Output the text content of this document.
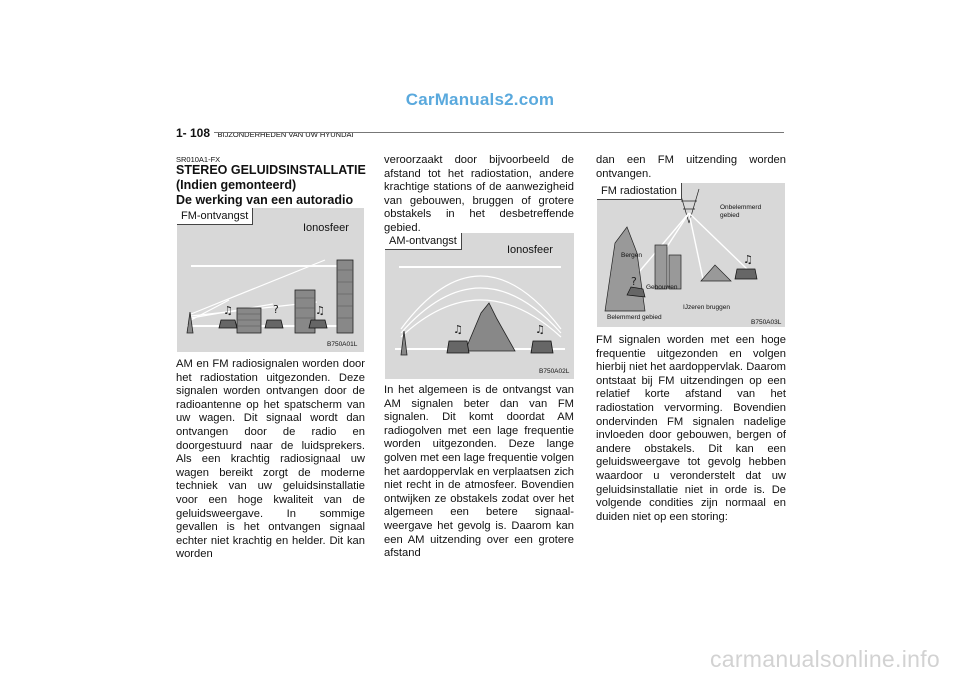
CarManuals2.com
1- 108 BIJZONDERHEDEN VAN UW HYUNDAI
SR010A1-FX
STEREO GELUIDSINSTALLATIE
(Indien gemonteerd)
De werking van een autoradio
♫	?	♫
FM-ontvangst
Ionosfeer
B750A01L
♫	♫
AM-ontvangst
Ionosfeer
B750A02L
?
♫
FM radiostation
Onbelemmerd gebied
Bergen
Gebouwen
IJzeren bruggen
Belemmerd gebied
B750A03L

AM en FM radiosignalen worden door het radiostation uitgezonden. Deze signalen worden ontvangen door de radioantenne op het spatscherm van uw wagen. Dit signaal wordt dan ontvangen door de radio en doorgestuurd naar de luidsprekers. Als een krachtig radiosignaal uw wagen bereikt zorgt de moderne techniek van uw geluidsinstallatie voor een hoge kwaliteit van de geluidsweergave. In sommige gevallen is het ontvangen signaal echter niet krachtig en helder. Dit kan worden

veroorzaakt door bijvoorbeeld de afstand tot het radiostation, andere krachtige stations of de aanwezigheid van gebouwen, bruggen of grotere obstakels in het desbetreffende gebied.

In het algemeen is de ontvangst van AM signalen beter dan van FM signalen. Dit komt doordat AM radiogolven met een lage frequentie worden uitgezonden. Deze lange golven met een lage frequentie volgen het aardoppervlak en verplaatsen zich niet recht in de atmosfeer. Bovendien ontwijken ze obstakels zodat over het algemeen een betere signaal-weergave het gevolg is. Daarom kan een AM uitzending over een grotere afstand

dan een FM uitzending worden ontvangen.

FM signalen worden met een hoge frequentie uitgezonden en volgen hierbij niet het aardoppervlak. Daarom ontstaat bij FM uitzendingen op een relatief korte afstand van het radiostation vervorming. Bovendien ondervinden FM signalen nadelige invloeden door gebouwen, bergen of andere obstakels. Dit kan een geluidsweergave tot gevolg hebben waardoor u veronderstelt dat uw geluidsinstallatie niet in orde is. De volgende condities zijn normaal en duiden niet op een storing:

carmanualsonline.info
